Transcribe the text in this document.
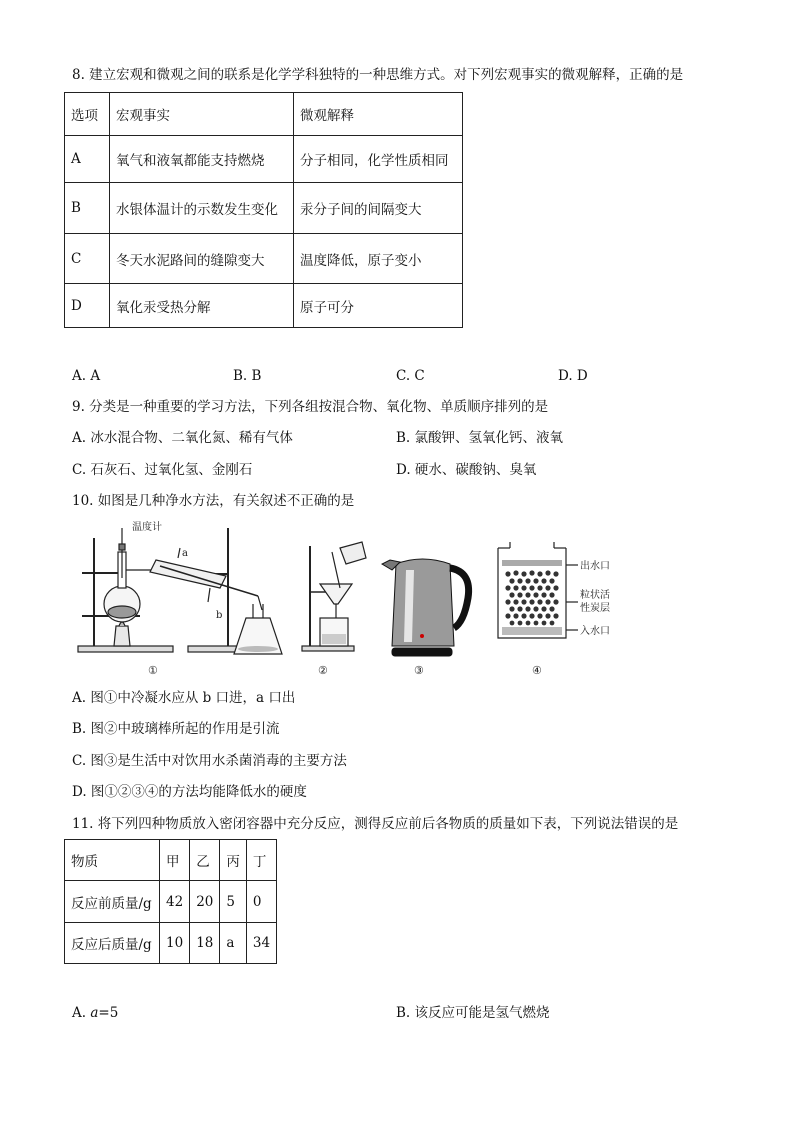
8. 建立宏观和微观之间的联系是化学学科独特的一种思维方式。对下列宏观事实的微观解释，正确的是
选项	宏观事实	微观解释
A	氧气和液氧都能支持燃烧	分子相同，化学性质相同
B	水银体温计的示数发生变化	汞分子间的间隔变大
C	冬天水泥路间的缝隙变大	温度降低，原子变小
D	氧化汞受热分解	原子可分
A. A	B. B	C. C	D. D
9. 分类是一种重要的学习方法，下列各组按混合物、氧化物、单质顺序排列的是
A. 冰水混合物、二氧化氮、稀有气体	B. 氯酸钾、氢氧化钙、液氧
C. 石灰石、过氧化氢、金刚石	D. 硬水、碳酸钠、臭氧
10. 如图是几种净水方法，有关叙述不正确的是
温度计
a
b
①	②	③
出水口
粒状活
性炭层
入水口
④
A. 图①中冷凝水应从 b 口进，a 口出
B. 图②中玻璃棒所起的作用是引流
C. 图③是生活中对饮用水杀菌消毒的主要方法
D. 图①②③④的方法均能降低水的硬度
11. 将下列四种物质放入密闭容器中充分反应，测得反应前后各物质的质量如下表，下列说法错误的是
物质	甲	乙	丙	丁
反应前质量/g	42	20	5	0
反应后质量/g	10	18	a	34
A. a=5	B. 该反应可能是氢气燃烧
